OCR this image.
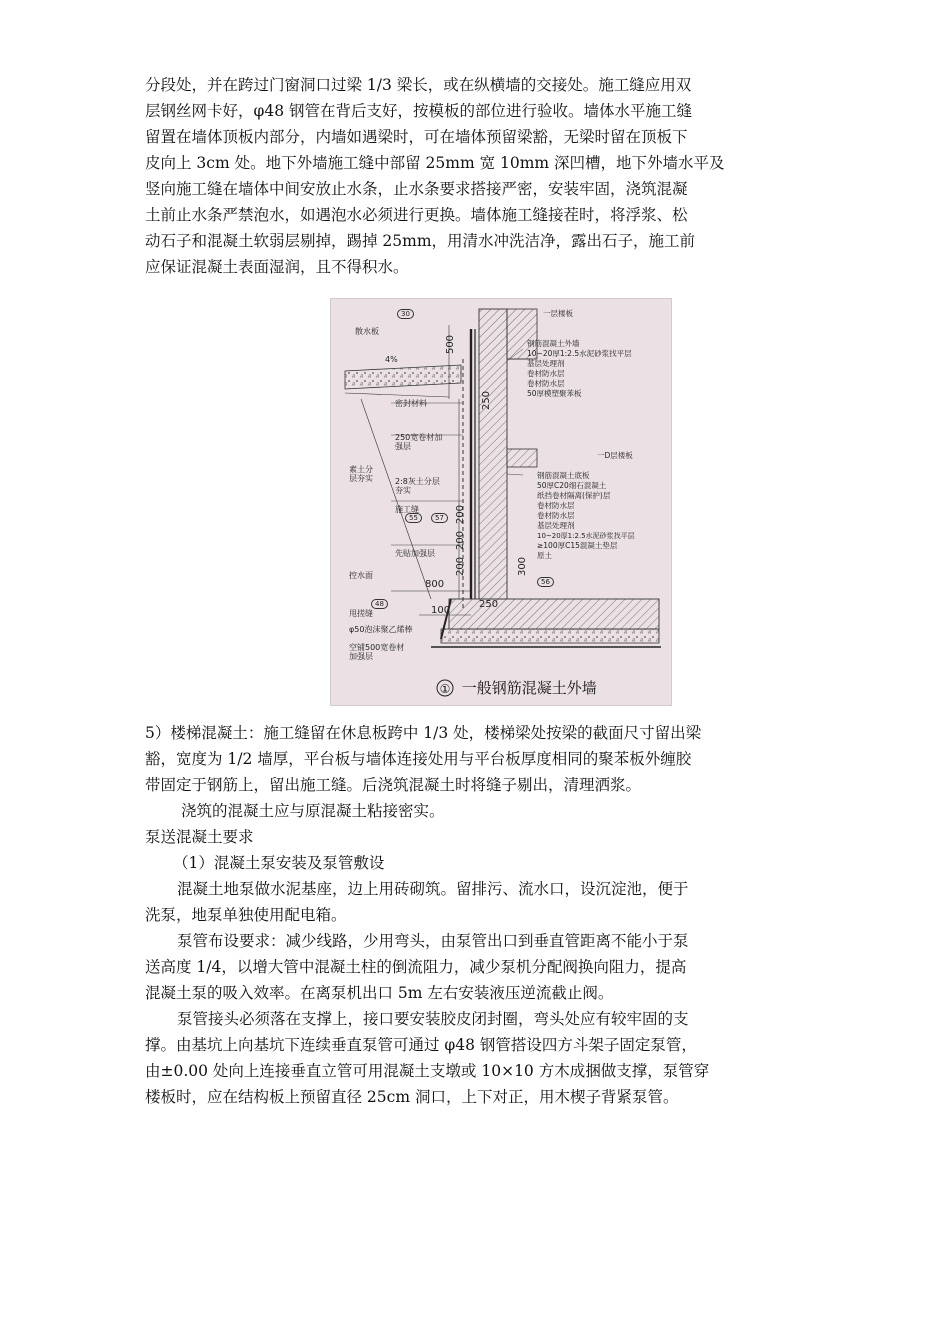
分段处，并在跨过门窗洞口过梁 1/3 梁长，或在纵横墙的交接处。施工缝应用双
层钢丝网卡好，φ48 钢管在背后支好，按模板的部位进行验收。墙体水平施工缝
留置在墙体顶板内部分，内墙如遇梁时，可在墙体预留梁豁，无梁时留在顶板下
皮向上 3cm 处。地下外墙施工缝中部留 25mm 宽 10mm 深凹槽，地下外墙水平及
竖向施工缝在墙体中间安放止水条，止水条要求搭接严密，安装牢固，浇筑混凝
土前止水条严禁泡水，如遇泡水必须进行更换。墙体施工缝接茬时，将浮浆、松
动石子和混凝土软弱层剔掉，踢掉 25mm，用清水冲洗洁净，露出石子，施工前
应保证混凝土表面湿润，且不得积水。
散水板
4%
密封材料
250宽卷材加强层
素土分层夯实	2:8灰土分层夯实
施工缝
先贴加强层
控水面
甩搓缝
φ50泡沫聚乙烯棒
空铺500宽卷材加强层
一层楼板
钢筋混凝土外墙
10~20厚1:2.5水泥砂浆找平层
基层处理剂
卷材防水层
卷材防水层
50厚模塑聚苯板
一D层楼板
钢筋混凝土底板
50厚C20细石混凝土
纸挡卷材隔离(保护)层
卷材防水层
卷材防水层
基层处理剂
10~20厚1:2.5水泥砂浆找平层
≥100厚C15混凝土垫层
原土
500
250
200
200
200	300
800
250
100
30
55	57
48
56
① 一般钢筋混凝土外墙
5）楼梯混凝土：施工缝留在休息板跨中 1/3 处，楼梯梁处按梁的截面尺寸留出梁
豁，宽度为 1/2 墙厚，平台板与墙体连接处用与平台板厚度相同的聚苯板外缠胶
带固定于钢筋上，留出施工缝。后浇筑混凝土时将缝子剔出，清理洒浆。
浇筑的混凝土应与原混凝土粘接密实。
泵送混凝土要求
（1）混凝土泵安装及泵管敷设
混凝土地泵做水泥基座，边上用砖砌筑。留排污、流水口，设沉淀池，便于
洗泵，地泵单独使用配电箱。
泵管布设要求：减少线路，少用弯头，由泵管出口到垂直管距离不能小于泵
送高度 1/4，以增大管中混凝土柱的倒流阻力，减少泵机分配阀换向阻力，提高
混凝土泵的吸入效率。在离泵机出口 5m 左右安装液压逆流截止阀。
泵管接头必须落在支撑上，接口要安装胶皮闭封圈，弯头处应有较牢固的支
撑。由基坑上向基坑下连续垂直泵管可通过 φ48 钢管搭设四方斗架子固定泵管，
由±0.00 处向上连接垂直立管可用混凝土支墩或 10×10 方木成捆做支撑，泵管穿
楼板时，应在结构板上预留直径 25cm 洞口，上下对正，用木楔子背紧泵管。
